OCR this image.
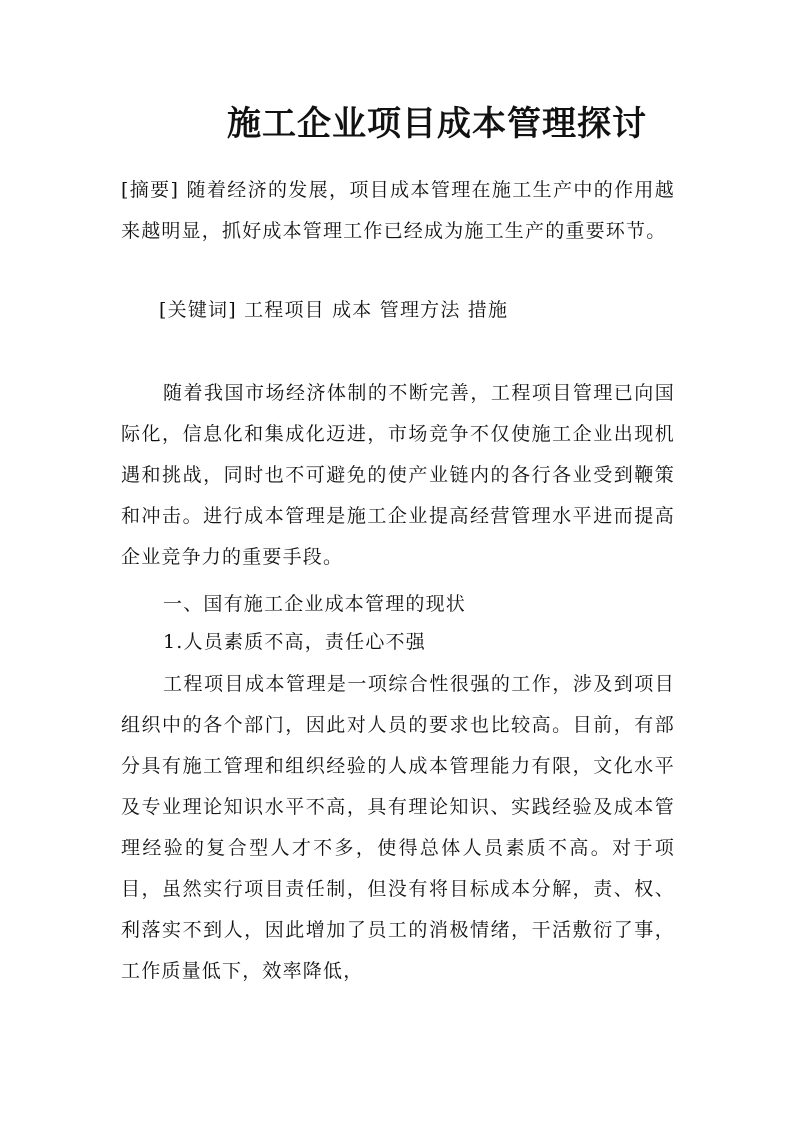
施工企业项目成本管理探讨

[摘要] 随着经济的发展，项目成本管理在施工生产中的作用越来越明显，抓好成本管理工作已经成为施工生产的重要环节。

[关键词] 工程项目 成本 管理方法 措施

随着我国市场经济体制的不断完善，工程项目管理已向国际化，信息化和集成化迈进，市场竞争不仅使施工企业出现机遇和挑战，同时也不可避免的使产业链内的各行各业受到鞭策和冲击。进行成本管理是施工企业提高经营管理水平进而提高企业竞争力的重要手段。

一、国有施工企业成本管理的现状

1.人员素质不高，责任心不强

工程项目成本管理是一项综合性很强的工作，涉及到项目组织中的各个部门，因此对人员的要求也比较高。目前，有部分具有施工管理和组织经验的人成本管理能力有限，文化水平及专业理论知识水平不高，具有理论知识、实践经验及成本管理经验的复合型人才不多，使得总体人员素质不高。对于项目，虽然实行项目责任制，但没有将目标成本分解，责、权、利落实不到人，因此增加了员工的消极情绪，干活敷衍了事，工作质量低下，效率降低，
